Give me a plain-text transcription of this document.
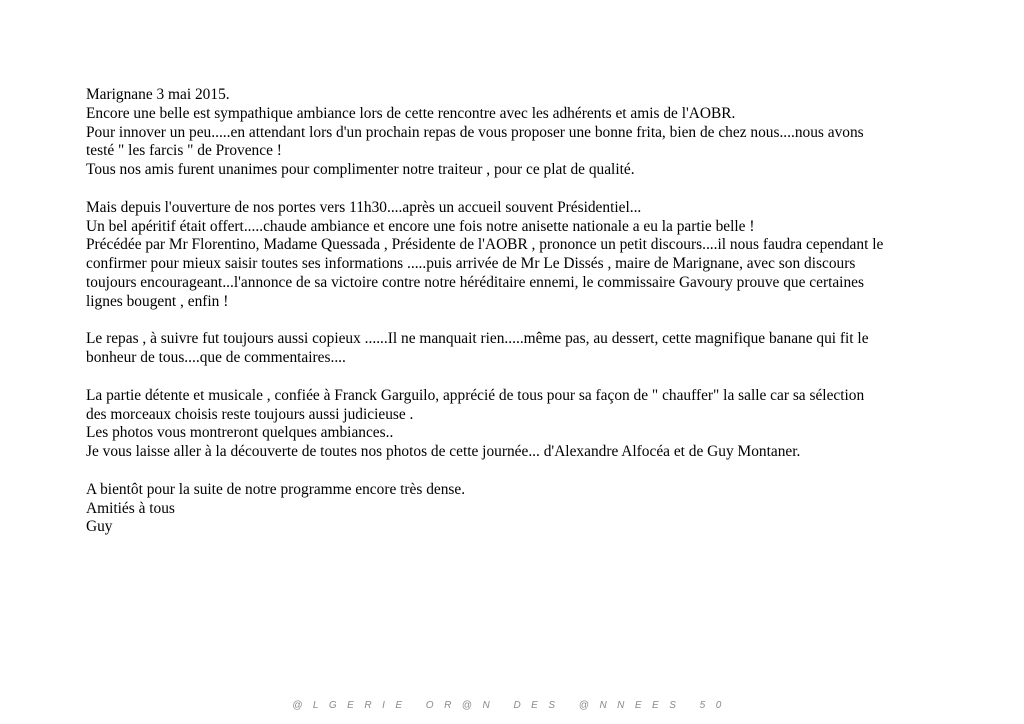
Marignane 3 mai 2015.
Encore une belle est sympathique ambiance lors de cette rencontre avec les adhérents et amis de l'AOBR.
Pour innover un peu.....en attendant lors d'un prochain repas de vous proposer une bonne frita, bien de chez nous....nous avons
testé " les farcis " de Provence !
Tous nos amis furent unanimes pour complimenter notre traiteur , pour ce plat de qualité.

Mais depuis l'ouverture de nos portes vers 11h30....après un accueil souvent Présidentiel...
Un bel apéritif était offert.....chaude ambiance et encore une fois notre anisette nationale a eu la partie belle !
Précédée par Mr Florentino, Madame Quessada , Présidente de l'AOBR , prononce un petit discours....il nous faudra cependant le
confirmer pour mieux saisir toutes ses informations .....puis arrivée de Mr Le Dissés , maire de Marignane, avec son discours
toujours encourageant...l'annonce de sa victoire contre notre héréditaire ennemi, le commissaire Gavoury prouve que certaines
lignes bougent , enfin !

Le repas , à suivre fut toujours aussi copieux ......Il ne manquait rien.....même pas, au dessert, cette magnifique banane qui fit le
bonheur de tous....que de commentaires....

La partie détente et musicale , confiée à Franck Garguilo, apprécié de tous pour sa façon de " chauffer" la salle car sa sélection
des morceaux choisis reste toujours aussi judicieuse .
Les photos vous montreront quelques ambiances..
Je vous laisse aller à la découverte de toutes nos photos de cette journée... d'Alexandre Alfocéa et de Guy Montaner.

A bientôt pour la suite de notre programme encore très dense.
Amitiés à tous
Guy

@LGERIE OR@N DES @NNEES 50
